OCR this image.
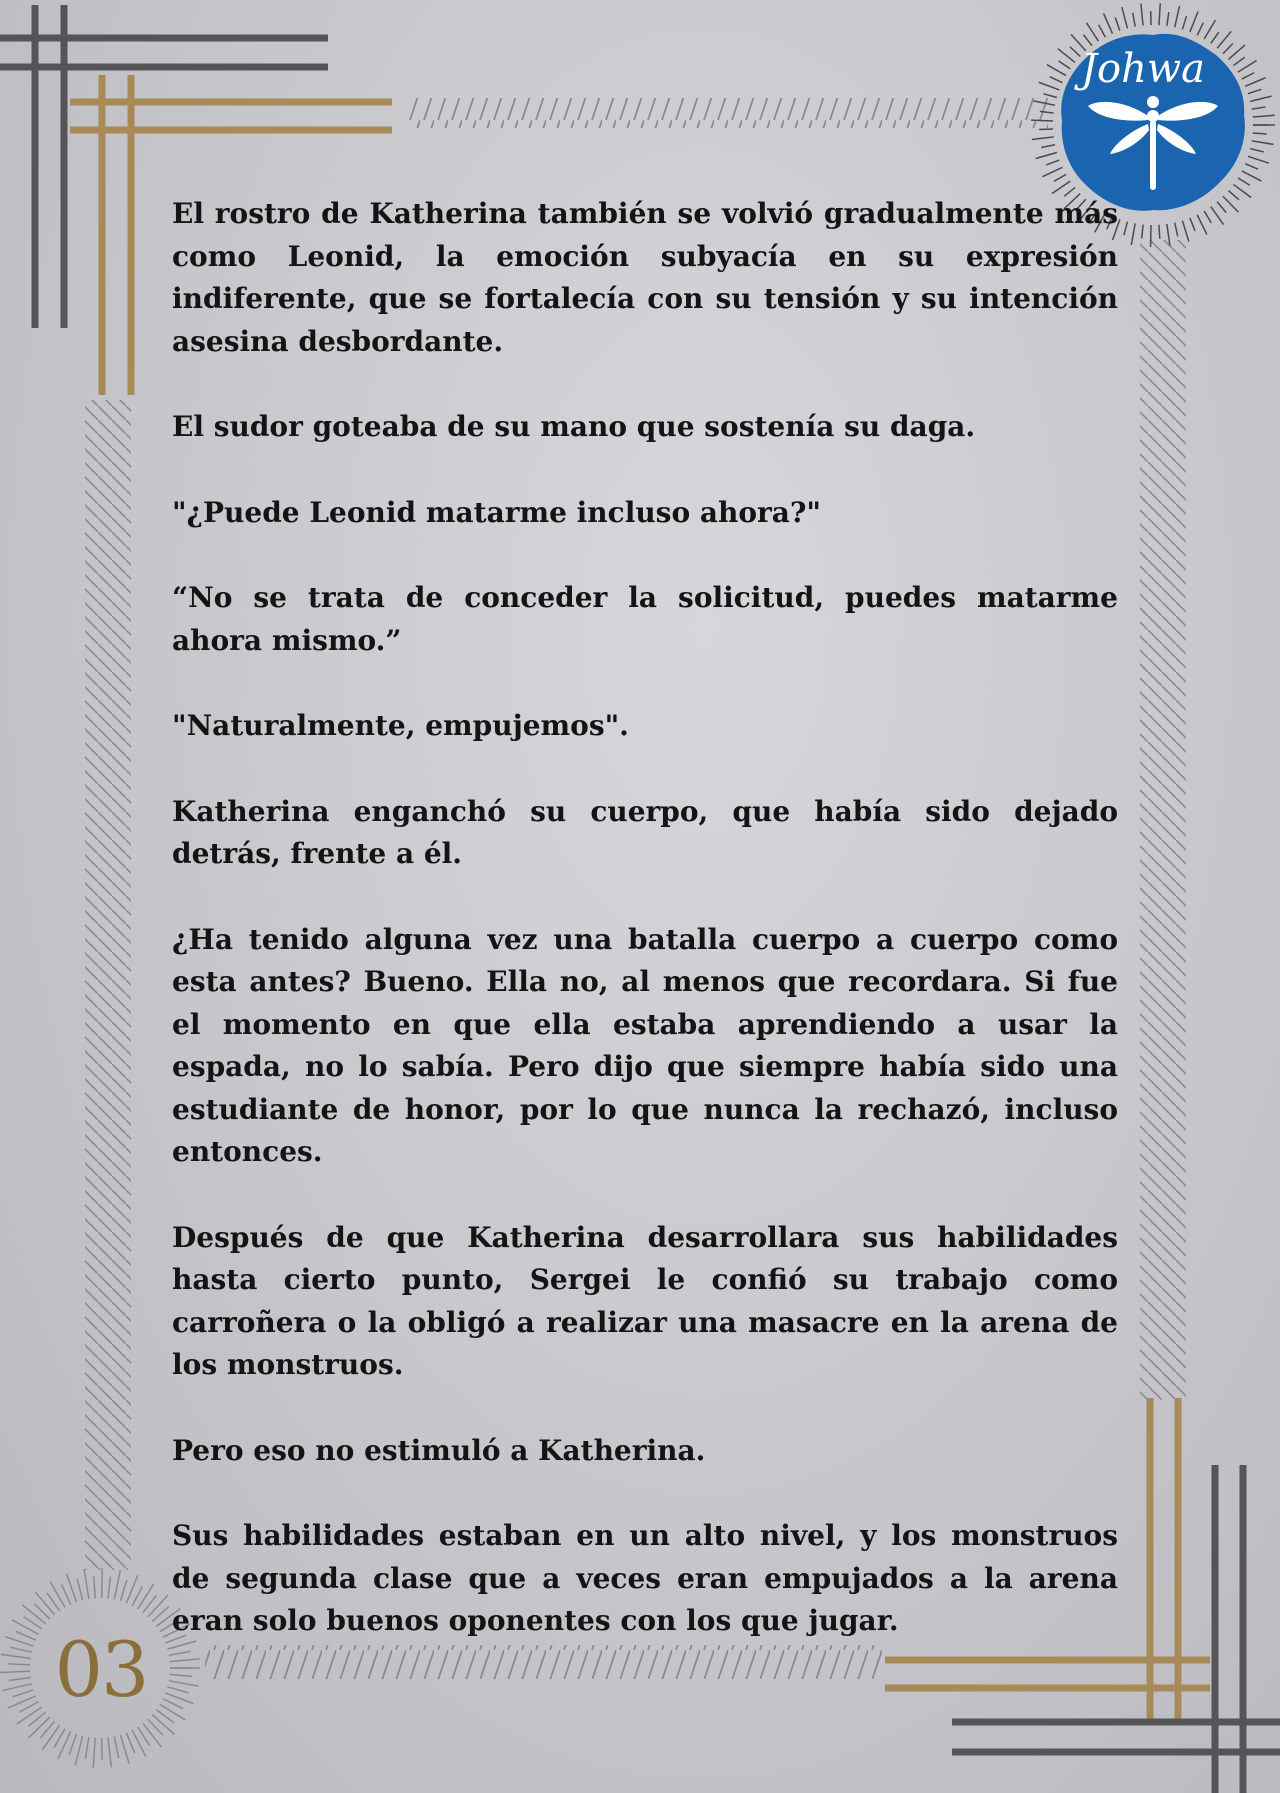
Johwa

El rostro de Katherina también se volvió gradualmente más como Leonid, la emoción subyacía en su expresión indiferente, que se fortalecía con su tensión y su intención asesina desbordante.

El sudor goteaba de su mano que sostenía su daga.

"¿Puede Leonid matarme incluso ahora?"

“No se trata de conceder la solicitud, puedes matarme ahora mismo.”

"Naturalmente, empujemos".

Katherina enganchó su cuerpo, que había sido dejado detrás, frente a él.

¿Ha tenido alguna vez una batalla cuerpo a cuerpo como esta antes? Bueno. Ella no, al menos que recordara. Si fue el momento en que ella estaba aprendiendo a usar la espada, no lo sabía. Pero dijo que siempre había sido una estudiante de honor, por lo que nunca la rechazó, incluso entonces.

Después de que Katherina desarrollara sus habilidades hasta cierto punto, Sergei le confió su trabajo como carroñera o la obligó a realizar una masacre en la arena de los monstruos.

Pero eso no estimuló a Katherina.

Sus habilidades estaban en un alto nivel, y los monstruos de segunda clase que a veces eran empujados a la arena eran solo buenos oponentes con los que jugar.

03
